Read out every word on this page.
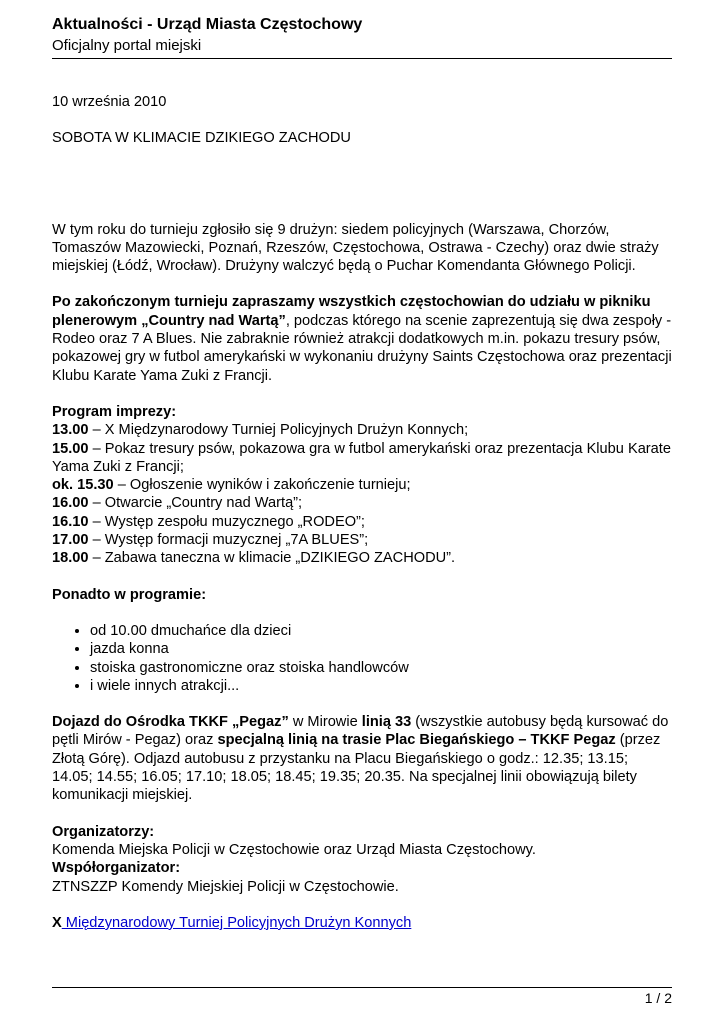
Aktualności - Urząd Miasta Częstochowy
Oficjalny portal miejski

10 września 2010

SOBOTA W KLIMACIE DZIKIEGO ZACHODU

W tym roku do turnieju zgłosiło się 9 drużyn: siedem policyjnych (Warszawa, Chorzów, Tomaszów Mazowiecki, Poznań, Rzeszów, Częstochowa, Ostrawa - Czechy) oraz dwie straży miejskiej (Łódź, Wrocław). Drużyny walczyć będą o Puchar Komendanta Głównego Policji.

Po zakończonym turnieju zapraszamy wszystkich częstochowian do udziału w pikniku plenerowym „Country nad Wartą”, podczas którego na scenie zaprezentują się dwa zespoły - Rodeo oraz 7 A Blues. Nie zabraknie również atrakcji dodatkowych m.in. pokazu tresury psów, pokazowej gry w futbol amerykański w wykonaniu drużyny Saints Częstochowa oraz prezentacji Klubu Karate Yama Zuki z Francji.

Program imprezy:
13.00 – X Międzynarodowy Turniej Policyjnych Drużyn Konnych;
15.00 – Pokaz tresury psów, pokazowa gra w futbol amerykański oraz prezentacja Klubu Karate Yama Zuki z Francji;
ok. 15.30 – Ogłoszenie wyników i zakończenie turnieju;
16.00 – Otwarcie „Country nad Wartą”;
16.10 – Występ zespołu muzycznego „RODEO”;
17.00 – Występ formacji muzycznej „7A BLUES”;
18.00 – Zabawa taneczna w klimacie „DZIKIEGO ZACHODU”.
Ponadto w programie:
• od 10.00 dmuchańce dla dzieci
• jazda konna
• stoiska gastronomiczne oraz stoiska handlowców
• i wiele innych atrakcji...

Dojazd do Ośrodka TKKF „Pegaz” w Mirowie linią 33 (wszystkie autobusy będą kursować do pętli Mirów - Pegaz) oraz specjalną linią na trasie Plac Biegańskiego – TKKF Pegaz (przez Złotą Górę). Odjazd autobusu z przystanku na Placu Biegańskiego o godz.: 12.35; 13.15; 14.05; 14.55; 16.05; 17.10; 18.05; 18.45; 19.35; 20.35. Na specjalnej linii obowiązują bilety komunikacji miejskiej.

Organizatorzy:
Komenda Miejska Policji w Częstochowie oraz Urząd Miasta Częstochowy.
Współorganizator:
ZTNSZZP Komendy Miejskiej Policji w Częstochowie.

X Międzynarodowy Turniej Policyjnych Drużyn Konnych

1 / 2
